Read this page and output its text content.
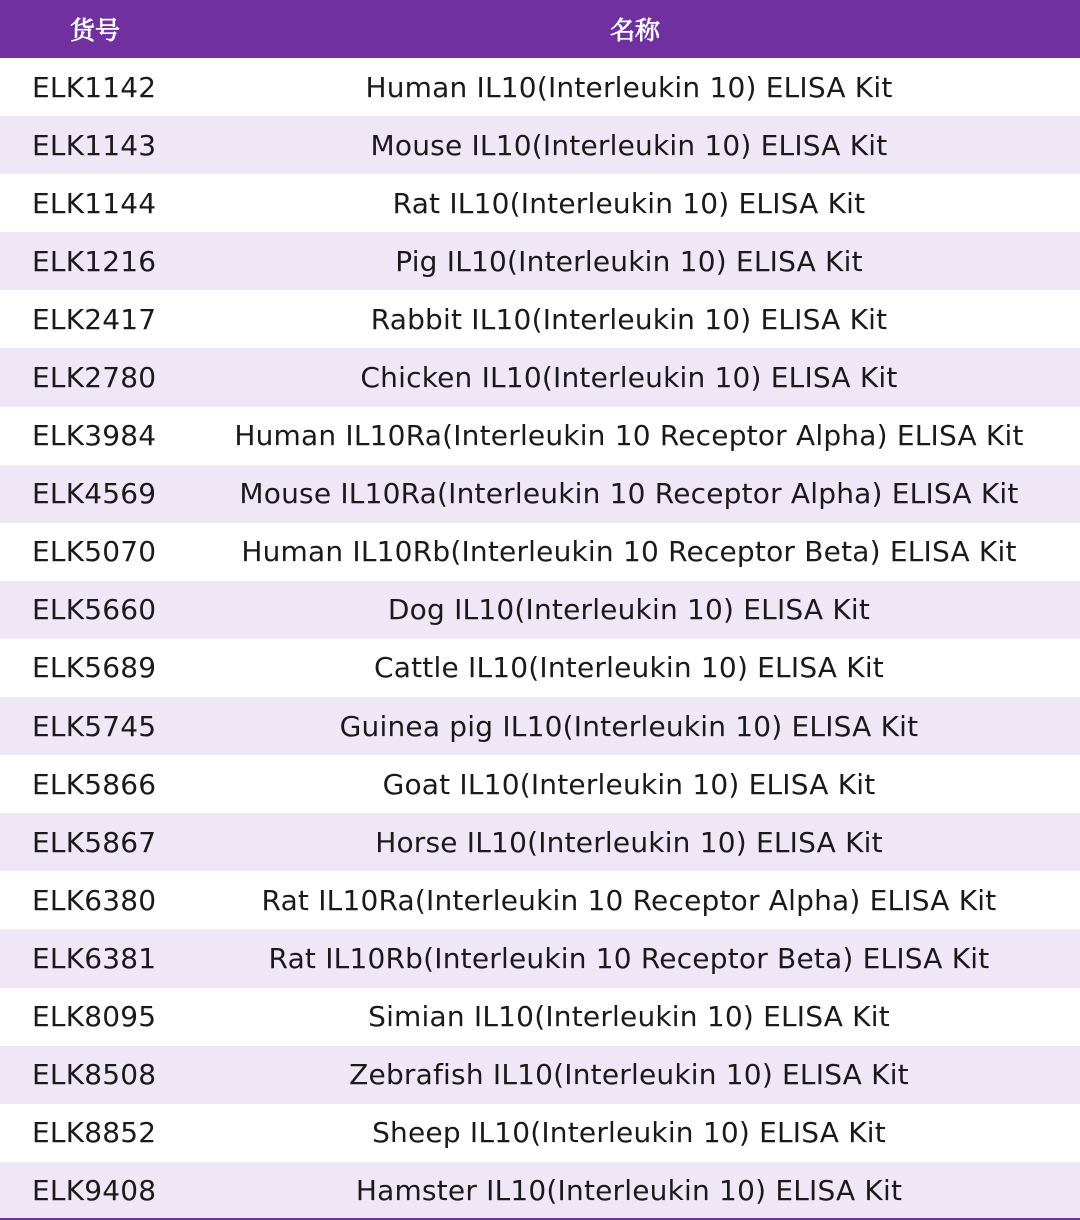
货号	名称
ELK1142	Human IL10(Interleukin 10) ELISA Kit
ELK1143	Mouse IL10(Interleukin 10) ELISA Kit
ELK1144	Rat IL10(Interleukin 10) ELISA Kit
ELK1216	Pig IL10(Interleukin 10) ELISA Kit
ELK2417	Rabbit IL10(Interleukin 10) ELISA Kit
ELK2780	Chicken IL10(Interleukin 10) ELISA Kit
ELK3984	Human IL10Ra(Interleukin 10 Receptor Alpha) ELISA Kit
ELK4569	Mouse IL10Ra(Interleukin 10 Receptor Alpha) ELISA Kit
ELK5070	Human IL10Rb(Interleukin 10 Receptor Beta) ELISA Kit
ELK5660	Dog IL10(Interleukin 10) ELISA Kit
ELK5689	Cattle IL10(Interleukin 10) ELISA Kit
ELK5745	Guinea pig IL10(Interleukin 10) ELISA Kit
ELK5866	Goat IL10(Interleukin 10) ELISA Kit
ELK5867	Horse IL10(Interleukin 10) ELISA Kit
ELK6380	Rat IL10Ra(Interleukin 10 Receptor Alpha) ELISA Kit
ELK6381	Rat IL10Rb(Interleukin 10 Receptor Beta) ELISA Kit
ELK8095	Simian IL10(Interleukin 10) ELISA Kit
ELK8508	Zebrafish IL10(Interleukin 10) ELISA Kit
ELK8852	Sheep IL10(Interleukin 10) ELISA Kit
ELK9408	Hamster IL10(Interleukin 10) ELISA Kit
